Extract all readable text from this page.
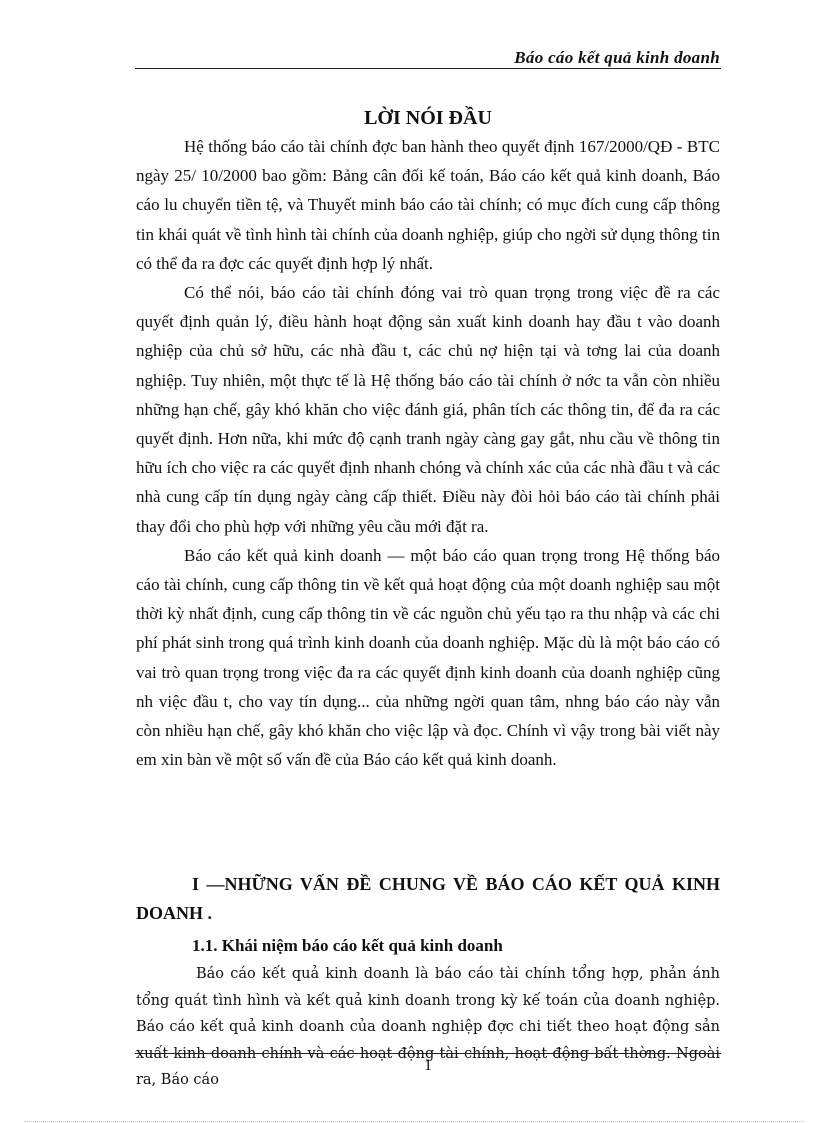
Báo cáo kết quả kinh doanh
LỜI NÓI ĐẦU

Hệ thống báo cáo tài chính đợc ban hành theo quyết định 167/2000/QĐ - BTC ngày 25/ 10/2000 bao gồm: Bảng cân đối kế toán, Báo cáo kết quả kinh doanh, Báo cáo lu chuyển tiền tệ, và Thuyết minh báo cáo tài chính; có mục đích cung cấp thông tin khái quát về tình hình tài chính của doanh nghiệp, giúp cho ngời sử dụng thông tin có thể đa ra đợc các quyết định hợp lý nhất.

Có thể nói, báo cáo tài chính đóng vai trò quan trọng trong việc đề ra các quyết định quản lý, điều hành hoạt động sản xuất kinh doanh hay đầu t vào doanh nghiệp của chủ sở hữu, các nhà đầu t, các chủ nợ hiện tại và tơng lai của doanh nghiệp. Tuy nhiên, một thực tế là Hệ thống báo cáo tài chính ở nớc ta vẫn còn nhiều những hạn chế, gây khó khăn cho việc đánh giá, phân tích các thông tin, để đa ra các quyết định. Hơn nữa, khi mức độ cạnh tranh ngày càng gay gắt, nhu cầu về thông tin hữu ích cho việc ra các quyết định nhanh chóng và chính xác của các nhà đầu t và các nhà cung cấp tín dụng ngày càng cấp thiết. Điều này đòi hỏi báo cáo tài chính phải thay đổi cho phù hợp với những yêu cầu mới đặt ra.

Báo cáo kết quả kinh doanh — một báo cáo quan trọng trong Hệ thống báo cáo tài chính, cung cấp thông tin về kết quả hoạt động của một doanh nghiệp sau một thời kỳ nhất định, cung cấp thông tin về các nguồn chủ yếu tạo ra thu nhập và các chi phí phát sinh trong quá trình kinh doanh của doanh nghiệp. Mặc dù là một báo cáo có vai trò quan trọng trong việc đa ra các quyết định kinh doanh của doanh nghiệp cũng nh việc đầu t, cho vay tín dụng... của những ngời quan tâm, nhng báo cáo này vẫn còn nhiều hạn chế, gây khó khăn cho việc lập và đọc. Chính vì vậy trong bài viết này em xin bàn về một số vấn đề của Báo cáo kết quả kinh doanh.

I —NHỮNG VẤN ĐỀ CHUNG VỀ BÁO CÁO KẾT QUẢ KINH DOANH .
1.1. Khái niệm báo cáo kết quả kinh doanh

Báo cáo kết quả kinh doanh là báo cáo tài chính tổng hợp, phản ánh tổng quát tình hình và kết quả kinh doanh trong kỳ kế toán của doanh nghiệp. Báo cáo kết quả kinh doanh của doanh nghiệp đợc chi tiết theo hoạt động sản xuất kinh doanh chính và các hoạt động tài chính, hoạt động bất thờng. Ngoài ra, Báo cáo

1
